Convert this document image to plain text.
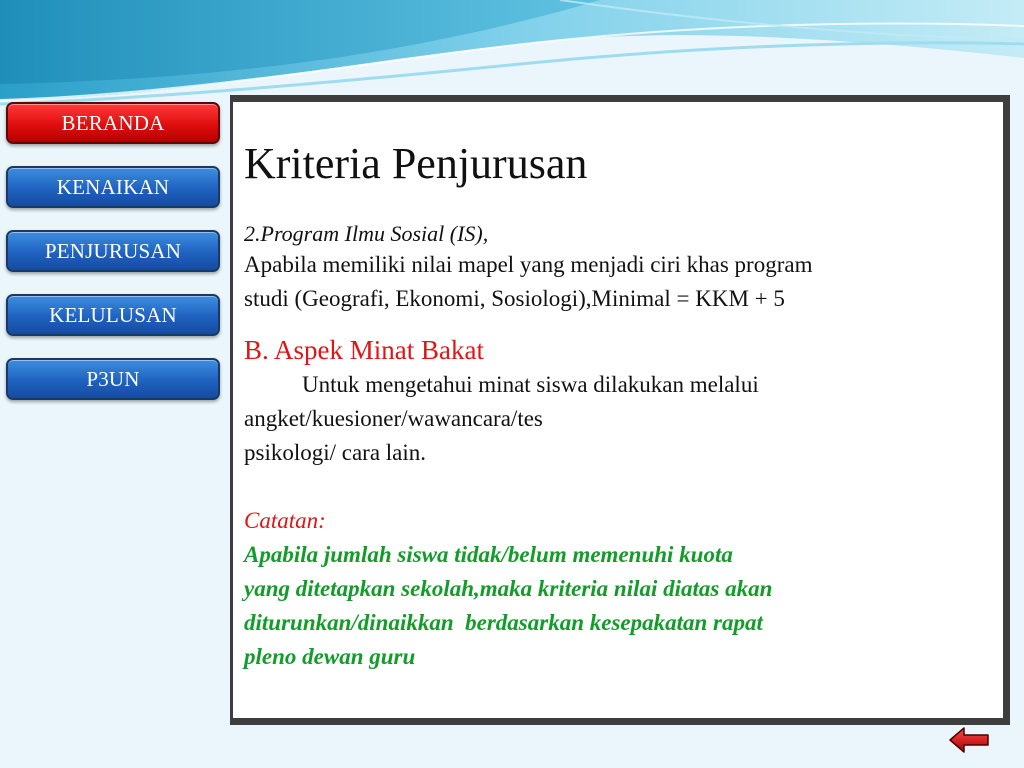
BERANDA
KENAIKAN
PENJURUSAN
KELULUSAN
P3UN
Kriteria Penjurusan
2.Program Ilmu Sosial (IS),
Apabila memiliki nilai mapel yang menjadi ciri khas program
studi (Geografi, Ekonomi, Sosiologi),Minimal = KKM + 5
B. Aspek Minat Bakat
Untuk mengetahui minat siswa dilakukan melalui
angket/kuesioner/wawancara/tes
psikologi/ cara lain.
Catatan:
Apabila jumlah siswa tidak/belum memenuhi kuota
yang ditetapkan sekolah,maka kriteria nilai diatas akan
diturunkan/dinaikkan  berdasarkan kesepakatan rapat
pleno dewan guru
